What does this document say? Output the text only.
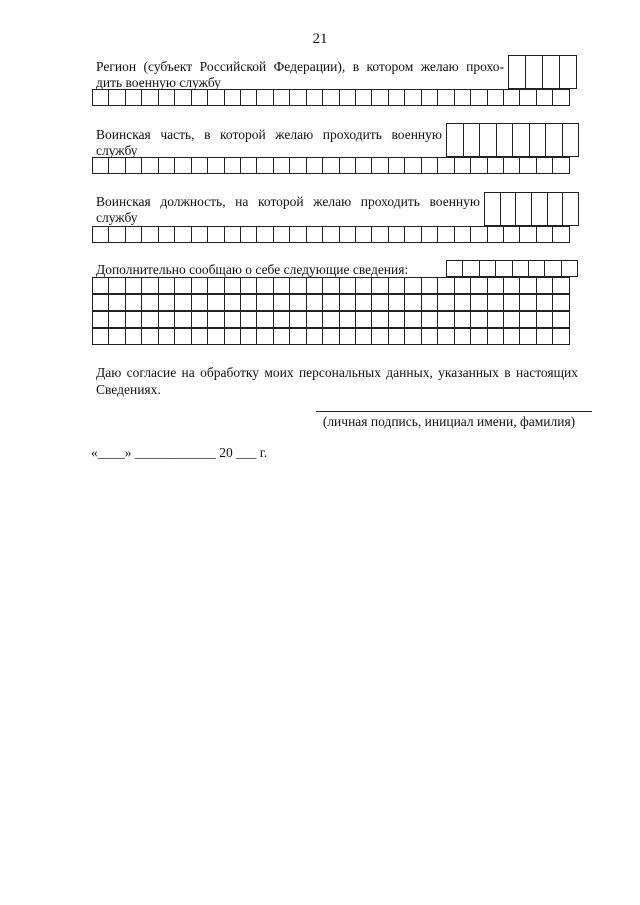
21
Регион (субъект Российской Федерации), в котором желаю прохо-
дить военную службу
Воинская часть, в которой желаю проходить военную
службу
Воинская должность, на которой желаю проходить военную
службу
Дополнительно сообщаю о себе следующие сведения:
Даю согласие на обработку моих персональных данных, указанных в настоящих
Сведениях.
(личная подпись, инициал имени, фамилия)
«____» ____________ 20 ___ г.
